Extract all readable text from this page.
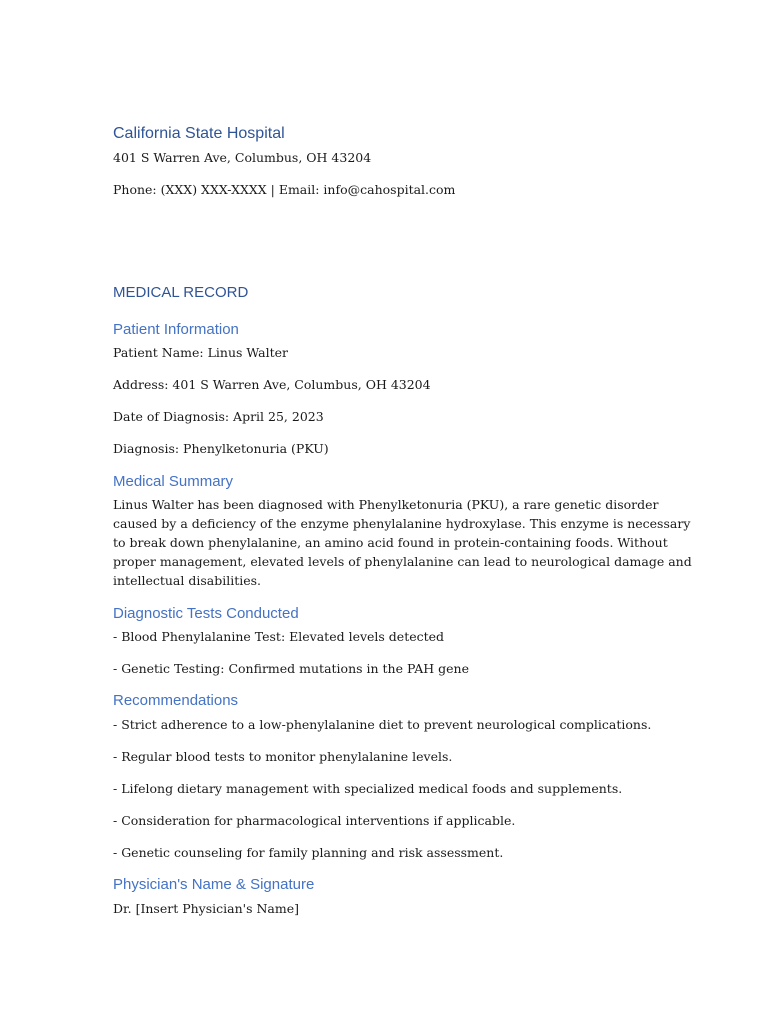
California State Hospital

401 S Warren Ave, Columbus, OH 43204

Phone: (XXX) XXX-XXXX | Email: info@cahospital.com

MEDICAL RECORD
Patient Information

Patient Name: Linus Walter

Address: 401 S Warren Ave, Columbus, OH 43204

Date of Diagnosis: April 25, 2023

Diagnosis: Phenylketonuria (PKU)

Medical Summary

Linus Walter has been diagnosed with Phenylketonuria (PKU), a rare genetic disorder

caused by a deficiency of the enzyme phenylalanine hydroxylase. This enzyme is necessary

to break down phenylalanine, an amino acid found in protein-containing foods. Without

proper management, elevated levels of phenylalanine can lead to neurological damage and

intellectual disabilities.

Diagnostic Tests Conducted

- Blood Phenylalanine Test: Elevated levels detected

- Genetic Testing: Confirmed mutations in the PAH gene

Recommendations

- Strict adherence to a low-phenylalanine diet to prevent neurological complications.

- Regular blood tests to monitor phenylalanine levels.

- Lifelong dietary management with specialized medical foods and supplements.

- Consideration for pharmacological interventions if applicable.

- Genetic counseling for family planning and risk assessment.

Physician's Name & Signature

Dr. [Insert Physician's Name]
